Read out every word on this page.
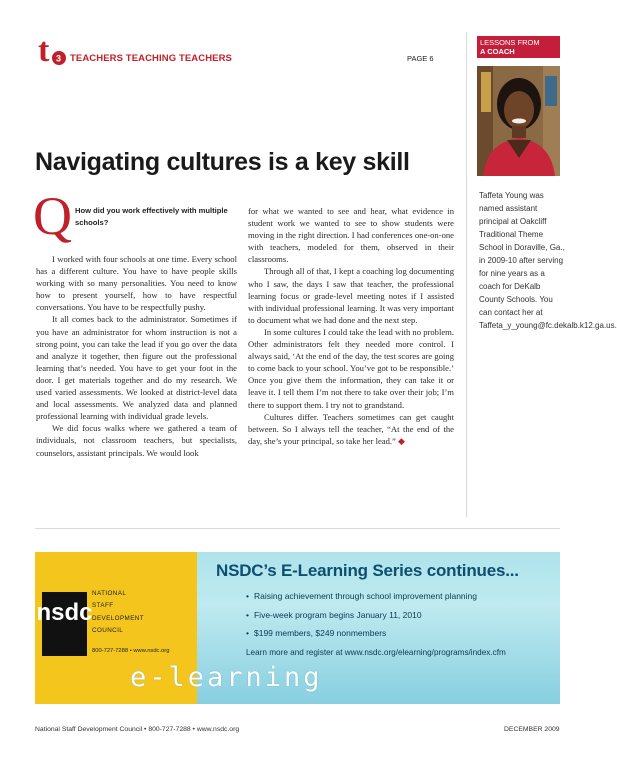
t 3 TEACHERS TEACHING TEACHERS	PAGE 6
LESSONS FROM
A COACH
Taffeta Young was named assistant principal at Oakcliff Traditional Theme School in Doraville, Ga., in 2009-10 after serving for nine years as a coach for DeKalb County Schools. You can contact her at Taffeta_y_young@fc.dekalb.k12.ga.us.
Navigating cultures is a key skill
Q How did you work effectively with multiple schools?

I worked with four schools at one time. Every school has a different culture. You have to have people skills working with so many personalities. You need to know how to present yourself, how to have respectful conversations. You have to be respectfully pushy.

It all comes back to the administrator. Sometimes if you have an administrator for whom instruction is not a strong point, you can take the lead if you go over the data and analyze it together, then figure out the professional learning that’s needed. You have to get your foot in the door. I get materials together and do my research. We used varied assessments. We looked at district-level data and local assessments. We analyzed data and planned professional learning with individual grade levels.

We did focus walks where we gathered a team of individuals, not classroom teachers, but specialists, counselors, assistant principals. We would look

for what we wanted to see and hear, what evidence in student work we wanted to see to show students were moving in the right direction. I had conferences one-on-one with teachers, modeled for them, observed in their classrooms.

Through all of that, I kept a coaching log documenting who I saw, the days I saw that teacher, the professional learning focus or grade-level meeting notes if I assisted with individual professional learning. It was very important to document what we had done and the next step.

In some cultures I could take the lead with no problem. Other administrators felt they needed more control. I always said, ‘At the end of the day, the test scores are going to come back to your school. You’ve got to be responsible.’ Once you give them the information, they can take it or leave it. I tell them I’m not there to take over their job; I’m there to support them. I try not to grandstand.

Cultures differ. Teachers sometimes can get caught between. So I always tell the teacher, “At the end of the day, she’s your principal, so take her lead.” ◆

nsdc
NATIONAL
STAFF
DEVELOPMENT
COUNCIL
800-727-7288 • www.nsdc.org
NSDC’s E-Learning Series continues...
• Raising achievement through school improvement planning
• Five-week program begins January 11, 2010
• $199 members, $249 nonmembers
Learn more and register at www.nsdc.org/elearning/programs/index.cfm
e-learning
National Staff Development Council • 800-727-7288 • www.nsdc.org	DECEMBER 2009
